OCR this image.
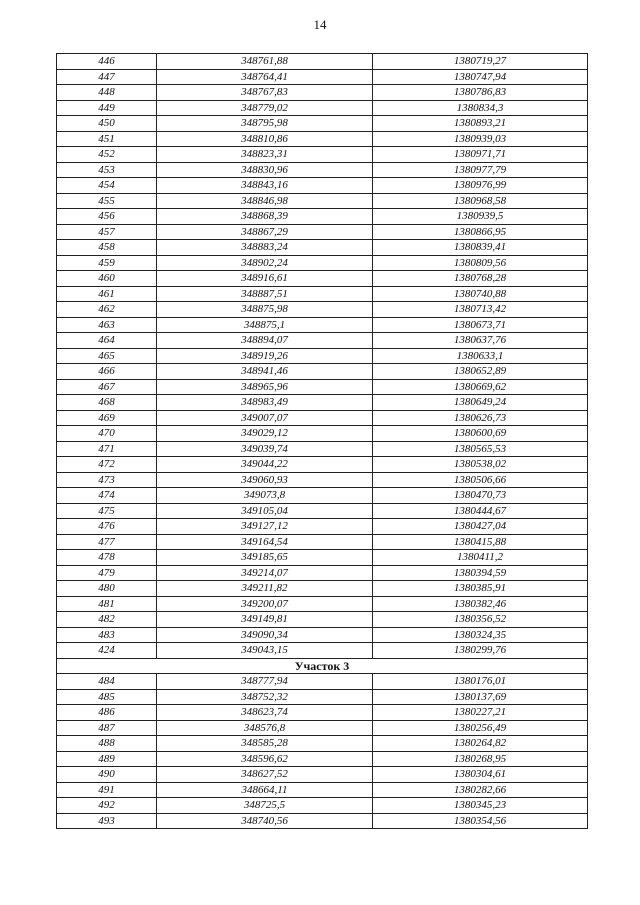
14
446	348761,88	1380719,27
447	348764,41	1380747,94
448	348767,83	1380786,83
449	348779,02	1380834,3
450	348795,98	1380893,21
451	348810,86	1380939,03
452	348823,31	1380971,71
453	348830,96	1380977,79
454	348843,16	1380976,99
455	348846,98	1380968,58
456	348868,39	1380939,5
457	348867,29	1380866,95
458	348883,24	1380839,41
459	348902,24	1380809,56
460	348916,61	1380768,28
461	348887,51	1380740,88
462	348875,98	1380713,42
463	348875,1	1380673,71
464	348894,07	1380637,76
465	348919,26	1380633,1
466	348941,46	1380652,89
467	348965,96	1380669,62
468	348983,49	1380649,24
469	349007,07	1380626,73
470	349029,12	1380600,69
471	349039,74	1380565,53
472	349044,22	1380538,02
473	349060,93	1380506,66
474	349073,8	1380470,73
475	349105,04	1380444,67
476	349127,12	1380427,04
477	349164,54	1380415,88
478	349185,65	1380411,2
479	349214,07	1380394,59
480	349211,82	1380385,91
481	349200,07	1380382,46
482	349149,81	1380356,52
483	349090,34	1380324,35
424	349043,15	1380299,76
Участок 3		
484	348777,94	1380176,01
485	348752,32	1380137,69
486	348623,74	1380227,21
487	348576,8	1380256,49
488	348585,28	1380264,82
489	348596,62	1380268,95
490	348627,52	1380304,61
491	348664,11	1380282,66
492	348725,5	1380345,23
493	348740,56	1380354,56
